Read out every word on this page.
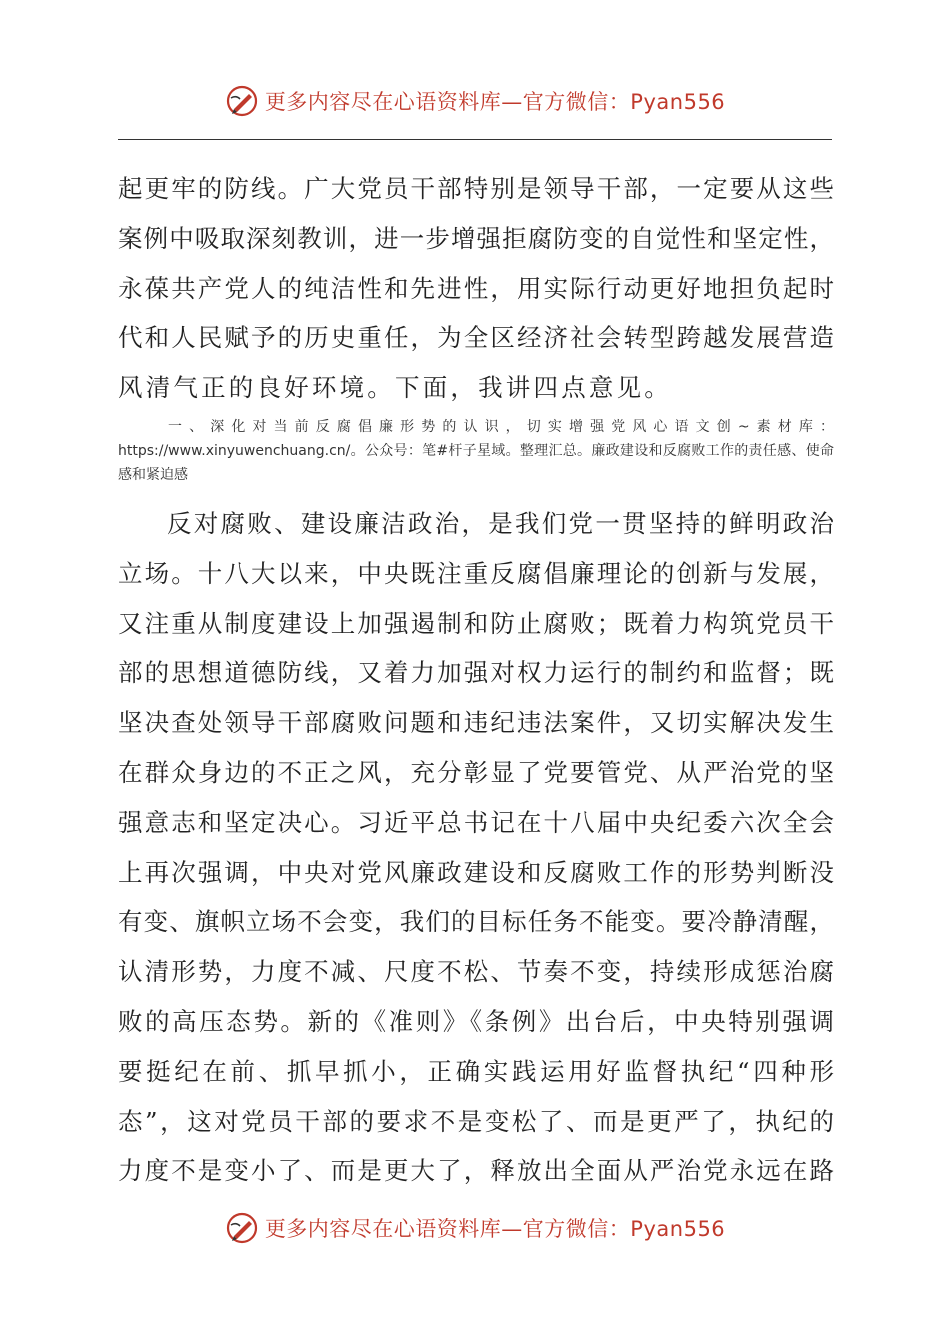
更多内容尽在心语资料库—官方微信：Pyan556
起更牢的防线。广大党员干部特别是领导干部，一定要从这些
案例中吸取深刻教训，进一步增强拒腐防变的自觉性和坚定性，
永葆共产党人的纯洁性和先进性，用实际行动更好地担负起时
代和人民赋予的历史重任，为全区经济社会转型跨越发展营造
风清气正的良好环境。下面，我讲四点意见。
一、深化对当前反腐倡廉形势的认识，切实增强党风心语文创~素材库：https://www.xinyuwenchuang.cn/。公众号：笔#杆子星域。整理汇总。廉政建设和反腐败工作的责任感、使命感和紧迫感
反对腐败、建设廉洁政治，是我们党一贯坚持的鲜明政治
立场。十八大以来，中央既注重反腐倡廉理论的创新与发展，
又注重从制度建设上加强遏制和防止腐败；既着力构筑党员干
部的思想道德防线，又着力加强对权力运行的制约和监督；既
坚决查处领导干部腐败问题和违纪违法案件，又切实解决发生
在群众身边的不正之风，充分彰显了党要管党、从严治党的坚
强意志和坚定决心。习近平总书记在十八届中央纪委六次全会
上再次强调，中央对党风廉政建设和反腐败工作的形势判断没
有变、旗帜立场不会变，我们的目标任务不能变。要冷静清醒，
认清形势，力度不减、尺度不松、节奏不变，持续形成惩治腐
败的高压态势。新的《准则》《条例》出台后，中央特别强调
要挺纪在前、抓早抓小，正确实践运用好监督执纪“四种形
态”，这对党员干部的要求不是变松了、而是更严了，执纪的
力度不是变小了、而是更大了，释放出全面从严治党永远在路
更多内容尽在心语资料库—官方微信：Pyan556
